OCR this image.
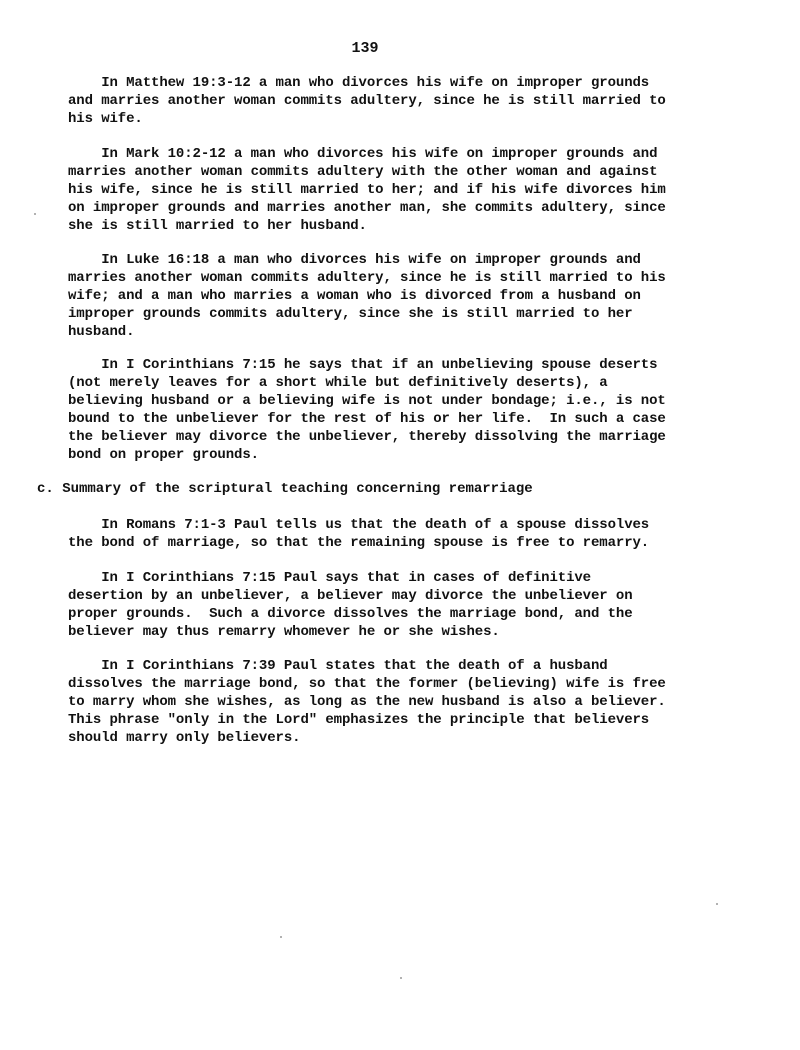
139
In Matthew 19:3-12 a man who divorces his wife on improper grounds
and marries another woman commits adultery, since he is still married to
his wife.
In Mark 10:2-12 a man who divorces his wife on improper grounds and
marries another woman commits adultery with the other woman and against
his wife, since he is still married to her; and if his wife divorces him
on improper grounds and marries another man, she commits adultery, since
she is still married to her husband.
In Luke 16:18 a man who divorces his wife on improper grounds and
marries another woman commits adultery, since he is still married to his
wife; and a man who marries a woman who is divorced from a husband on
improper grounds commits adultery, since she is still married to her
husband.
In I Corinthians 7:15 he says that if an unbelieving spouse deserts
(not merely leaves for a short while but definitively deserts), a
believing husband or a believing wife is not under bondage; i.e., is not
bound to the unbeliever for the rest of his or her life.  In such a case
the believer may divorce the unbeliever, thereby dissolving the marriage
bond on proper grounds.
c. Summary of the scriptural teaching concerning remarriage
In Romans 7:1-3 Paul tells us that the death of a spouse dissolves
the bond of marriage, so that the remaining spouse is free to remarry.
In I Corinthians 7:15 Paul says that in cases of definitive
desertion by an unbeliever, a believer may divorce the unbeliever on
proper grounds.  Such a divorce dissolves the marriage bond, and the
believer may thus remarry whomever he or she wishes.
In I Corinthians 7:39 Paul states that the death of a husband
dissolves the marriage bond, so that the former (believing) wife is free
to marry whom she wishes, as long as the new husband is also a believer.
This phrase "only in the Lord" emphasizes the principle that believers
should marry only believers.
